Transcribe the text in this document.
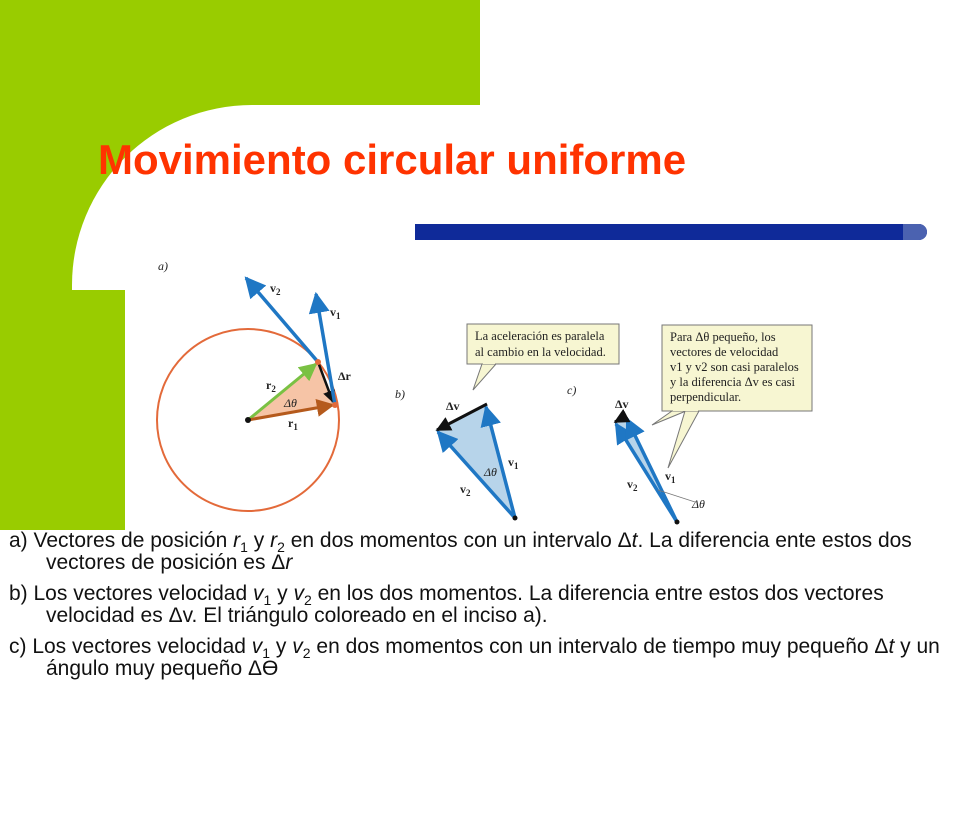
Movimiento circular uniforme
a)
$v_2$
$v_1$
$r_2$
$r_1$
Δθ
Δr
b)
La aceleración es paralela
al cambio en la velocidad.
Δv
Δθ
$v_1$
$v_2$
c)
Para Δθ pequeño, los
vectores de velocidad
v1 y v2 son casi paralelos
y la diferencia Δv es casi
perpendicular.
Δv
Δθ
$v_1$
$v_2$

a) Vectores de posición $r_1$ y $r_2$ en dos momentos con un intervalo Δt. La diferencia ente estos dos vectores de posición es Δr

b) Los vectores velocidad $v_1$ y $v_2$ en los dos momentos. La diferencia entre estos dos vectores velocidad es Δv. El triángulo coloreado en el inciso a).

c) Los vectores velocidad $v_1$ y $v_2$ en dos momentos con un intervalo de tiempo muy pequeño Δt y un ángulo muy pequeño ΔӨ
